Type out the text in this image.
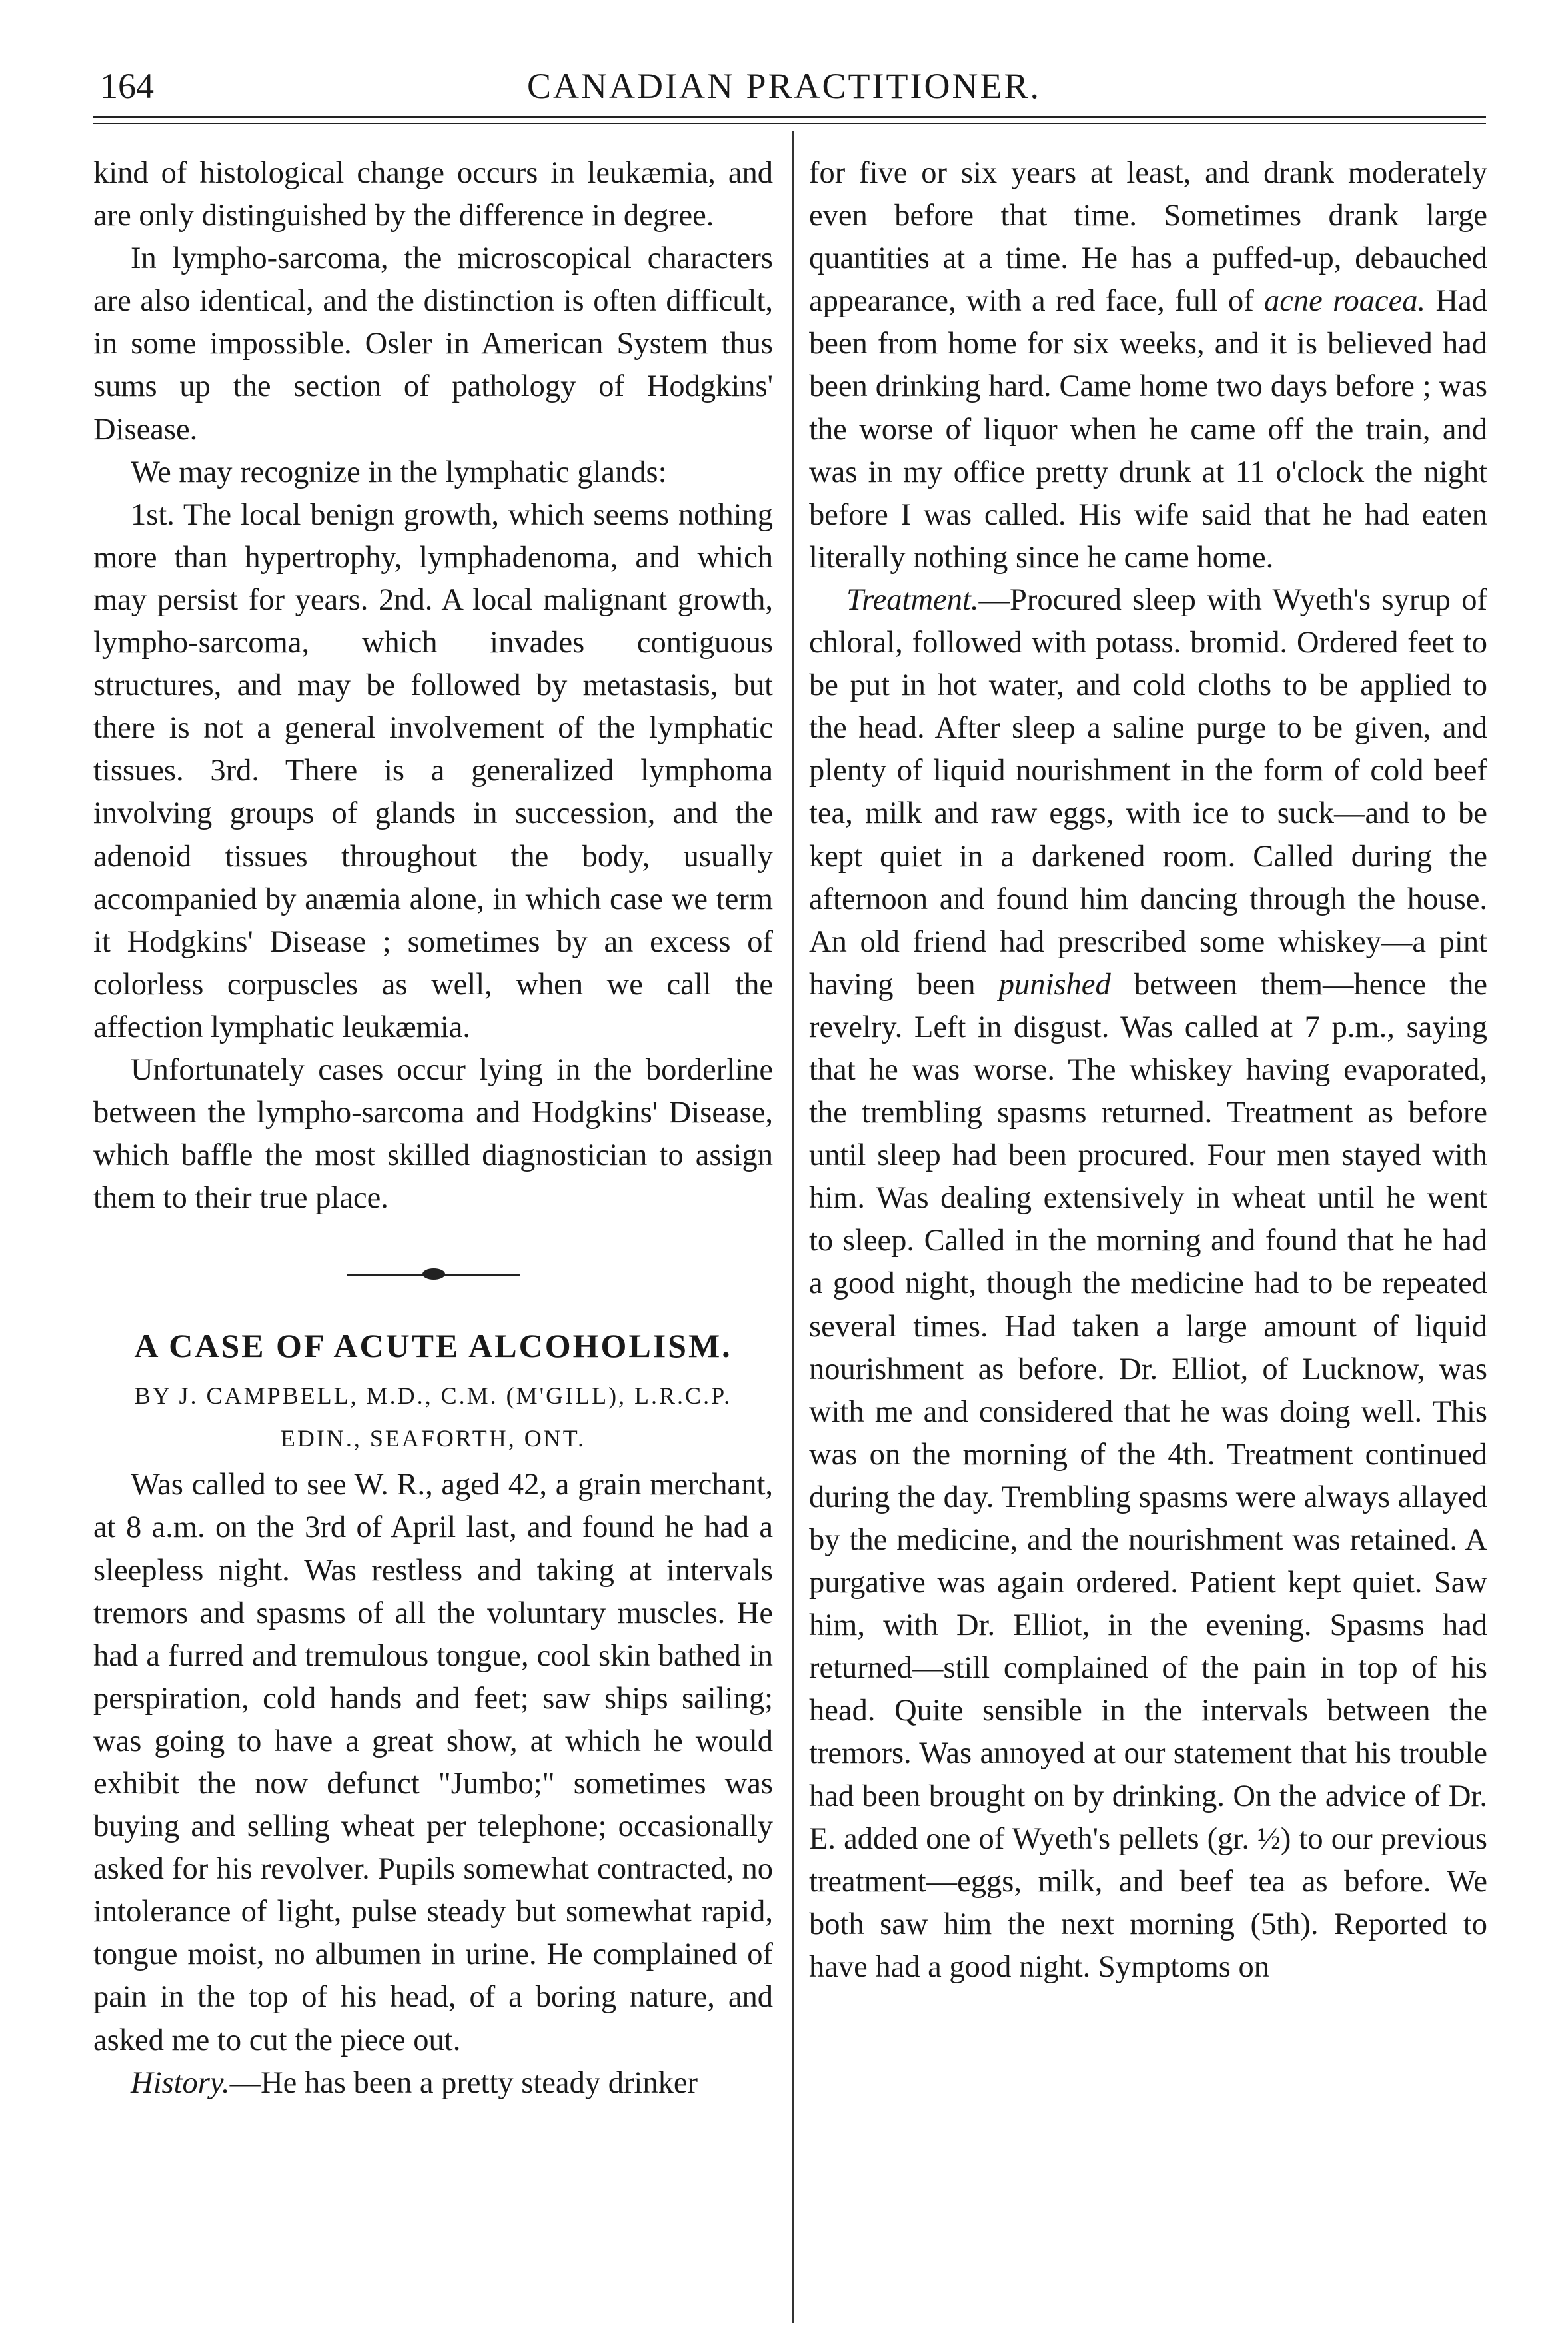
164	CANADIAN PRACTITIONER.

kind of histological change occurs in leukæmia, and are only distinguished by the difference in degree.

In lympho-sarcoma, the microscopical characters are also identical, and the distinction is often difficult, in some impossible. Osler in American System thus sums up the section of pathology of Hodgkins' Disease.

We may recognize in the lymphatic glands:

1st. The local benign growth, which seems nothing more than hypertrophy, lymphadenoma, and which may persist for years. 2nd. A local malignant growth, lympho-sarcoma, which invades contiguous structures, and may be followed by metastasis, but there is not a general involvement of the lymphatic tissues. 3rd. There is a generalized lymphoma involving groups of glands in succession, and the adenoid tissues throughout the body, usually accompanied by anæmia alone, in which case we term it Hodgkins' Disease ; sometimes by an excess of colorless corpuscles as well, when we call the affection lymphatic leukæmia.

Unfortunately cases occur lying in the borderline between the lympho-sarcoma and Hodgkins' Disease, which baffle the most skilled diagnostician to assign them to their true place.

A CASE OF ACUTE ALCOHOLISM.
BY J. CAMPBELL, M.D., C.M. (M'GILL), L.R.C.P. EDIN., SEAFORTH, ONT.

Was called to see W. R., aged 42, a grain merchant, at 8 a.m. on the 3rd of April last, and found he had a sleepless night. Was restless and taking at intervals tremors and spasms of all the voluntary muscles. He had a furred and tremulous tongue, cool skin bathed in perspiration, cold hands and feet; saw ships sailing; was going to have a great show, at which he would exhibit the now defunct "Jumbo;" sometimes was buying and selling wheat per telephone; occasionally asked for his revolver. Pupils somewhat contracted, no intolerance of light, pulse steady but somewhat rapid, tongue moist, no albumen in urine. He complained of pain in the top of his head, of a boring nature, and asked me to cut the piece out.

History.—He has been a pretty steady drinker

for five or six years at least, and drank moderately even before that time. Sometimes drank large quantities at a time. He has a puffed-up, debauched appearance, with a red face, full of acne roacea. Had been from home for six weeks, and it is believed had been drinking hard. Came home two days before ; was the worse of liquor when he came off the train, and was in my office pretty drunk at 11 o'clock the night before I was called. His wife said that he had eaten literally nothing since he came home.

Treatment.—Procured sleep with Wyeth's syrup of chloral, followed with potass. bromid. Ordered feet to be put in hot water, and cold cloths to be applied to the head. After sleep a saline purge to be given, and plenty of liquid nourishment in the form of cold beef tea, milk and raw eggs, with ice to suck—and to be kept quiet in a darkened room. Called during the afternoon and found him dancing through the house. An old friend had prescribed some whiskey—a pint having been punished between them—hence the revelry. Left in disgust. Was called at 7 p.m., saying that he was worse. The whiskey having evaporated, the trembling spasms returned. Treatment as before until sleep had been procured. Four men stayed with him. Was dealing extensively in wheat until he went to sleep. Called in the morning and found that he had a good night, though the medicine had to be repeated several times. Had taken a large amount of liquid nourishment as before. Dr. Elliot, of Lucknow, was with me and considered that he was doing well. This was on the morning of the 4th. Treatment continued during the day. Trembling spasms were always allayed by the medicine, and the nourishment was retained. A purgative was again ordered. Patient kept quiet. Saw him, with Dr. Elliot, in the evening. Spasms had returned—still complained of the pain in top of his head. Quite sensible in the intervals between the tremors. Was annoyed at our statement that his trouble had been brought on by drinking. On the advice of Dr. E. added one of Wyeth's pellets (gr. ½) to our previous treatment—eggs, milk, and beef tea as before. We both saw him the next morning (5th). Reported to have had a good night. Symptoms on
